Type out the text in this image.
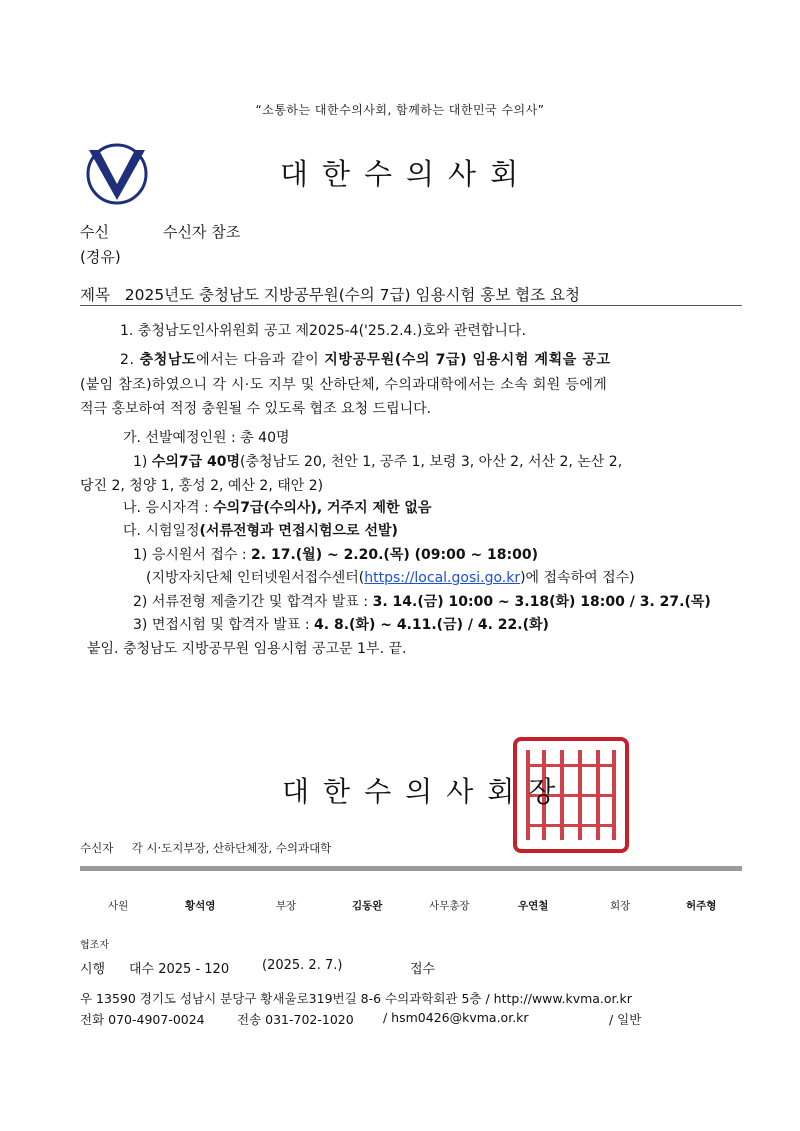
“소통하는 대한수의사회, 함께하는 대한민국 수의사”
대한수의사회
수신	수신자 참조
(경유)
제목 2025년도 충청남도 지방공무원(수의 7급) 임용시험 홍보 협조 요청
1. 충청남도인사위원회 공고 제2025-4('25.2.4.)호와 관련합니다.
2. 충청남도에서는 다음과 같이 지방공무원(수의 7급) 임용시험 계획을 공고
(붙임 참조)하였으니 각 시·도 지부 및 산하단체, 수의과대학에서는 소속 회원 등에게
적극 홍보하여 적정 충원될 수 있도록 협조 요청 드립니다.
가. 선발예정인원 : 총 40명
1) 수의7급 40명(충청남도 20, 천안 1, 공주 1, 보령 3, 아산 2, 서산 2, 논산 2,
당진 2, 청양 1, 홍성 2, 예산 2, 태안 2)
나. 응시자격 : 수의7급(수의사), 거주지 제한 없음
다. 시험일정(서류전형과 면접시험으로 선발)
1) 응시원서 접수 : 2. 17.(월) ~ 2.20.(목) (09:00 ~ 18:00)
(지방자치단체 인터넷원서접수센터(https://local.gosi.go.kr)에 접속하여 접수)
2) 서류전형 제출기간 및 합격자 발표 : 3. 14.(금) 10:00 ~ 3.18(화) 18:00 / 3. 27.(목)
3) 면접시험 및 합격자 발표 : 4. 8.(화) ~ 4.11.(금) / 4. 22.(화)
붙임. 충청남도 지방공무원 임용시험 공고문 1부. 끝.
대한수의사회장
수신자 각 시·도지부장, 산하단체장, 수의과대학
사원	황석영	부장	김동완	사무총장	우연철	회장	허주형
협조자
시행 대수 2025 - 120	(2025. 2. 7.)	접수
우 13590 경기도 성남시 분당구 황새울로319번길 8-6 수의과학회관 5층 / http://www.kvma.or.kr
전화 070-4907-0024	전송 031-702-1020 / hsm0426@kvma.or.kr	/ 일반
